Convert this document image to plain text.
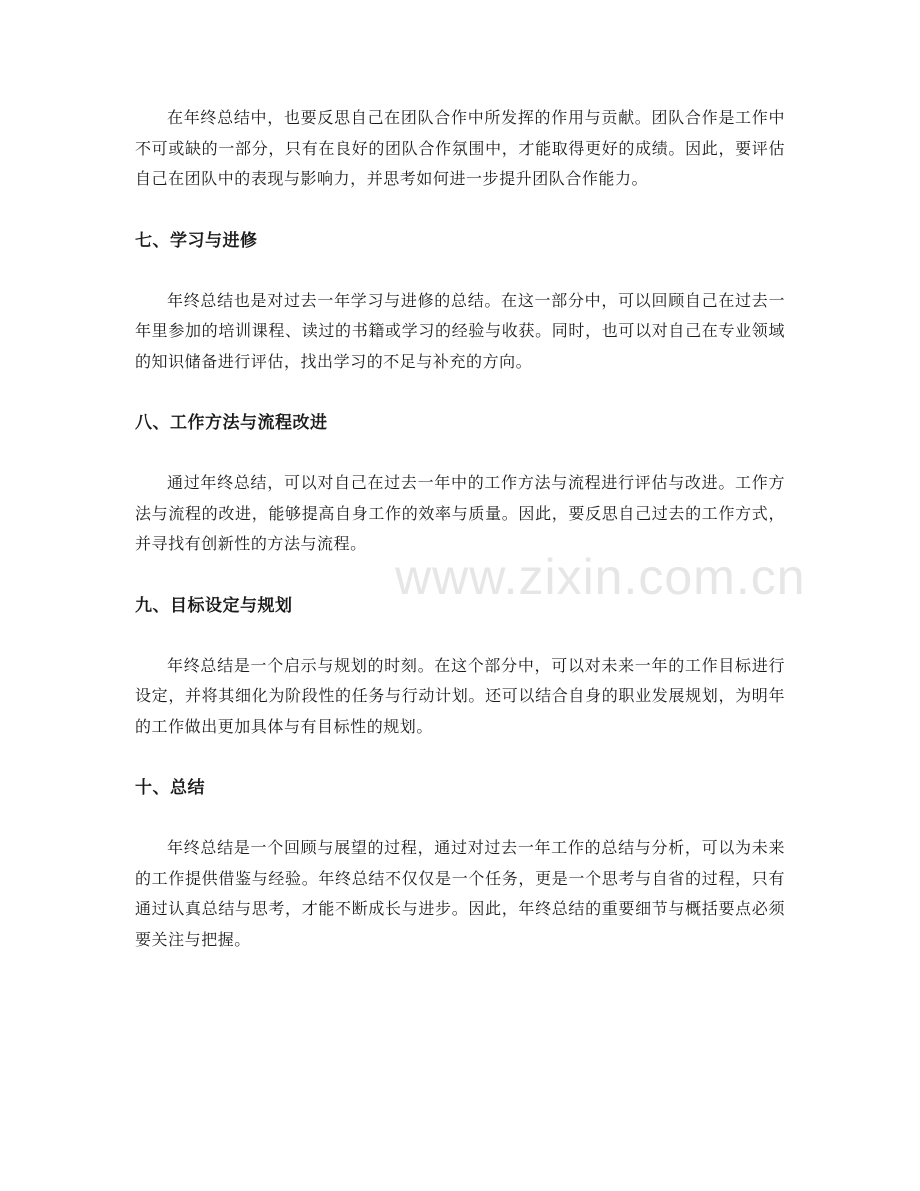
www.zixin.com.cn

在年终总结中，也要反思自己在团队合作中所发挥的作用与贡献。团队合作是工作中不可或缺的一部分，只有在良好的团队合作氛围中，才能取得更好的成绩。因此，要评估自己在团队中的表现与影响力，并思考如何进一步提升团队合作能力。

七、学习与进修

年终总结也是对过去一年学习与进修的总结。在这一部分中，可以回顾自己在过去一年里参加的培训课程、读过的书籍或学习的经验与收获。同时，也可以对自己在专业领域的知识储备进行评估，找出学习的不足与补充的方向。

八、工作方法与流程改进

通过年终总结，可以对自己在过去一年中的工作方法与流程进行评估与改进。工作方法与流程的改进，能够提高自身工作的效率与质量。因此，要反思自己过去的工作方式，并寻找有创新性的方法与流程。

九、目标设定与规划

年终总结是一个启示与规划的时刻。在这个部分中，可以对未来一年的工作目标进行设定，并将其细化为阶段性的任务与行动计划。还可以结合自身的职业发展规划，为明年的工作做出更加具体与有目标性的规划。

十、总结

年终总结是一个回顾与展望的过程，通过对过去一年工作的总结与分析，可以为未来的工作提供借鉴与经验。年终总结不仅仅是一个任务，更是一个思考与自省的过程，只有通过认真总结与思考，才能不断成长与进步。因此，年终总结的重要细节与概括要点必须要关注与把握。
